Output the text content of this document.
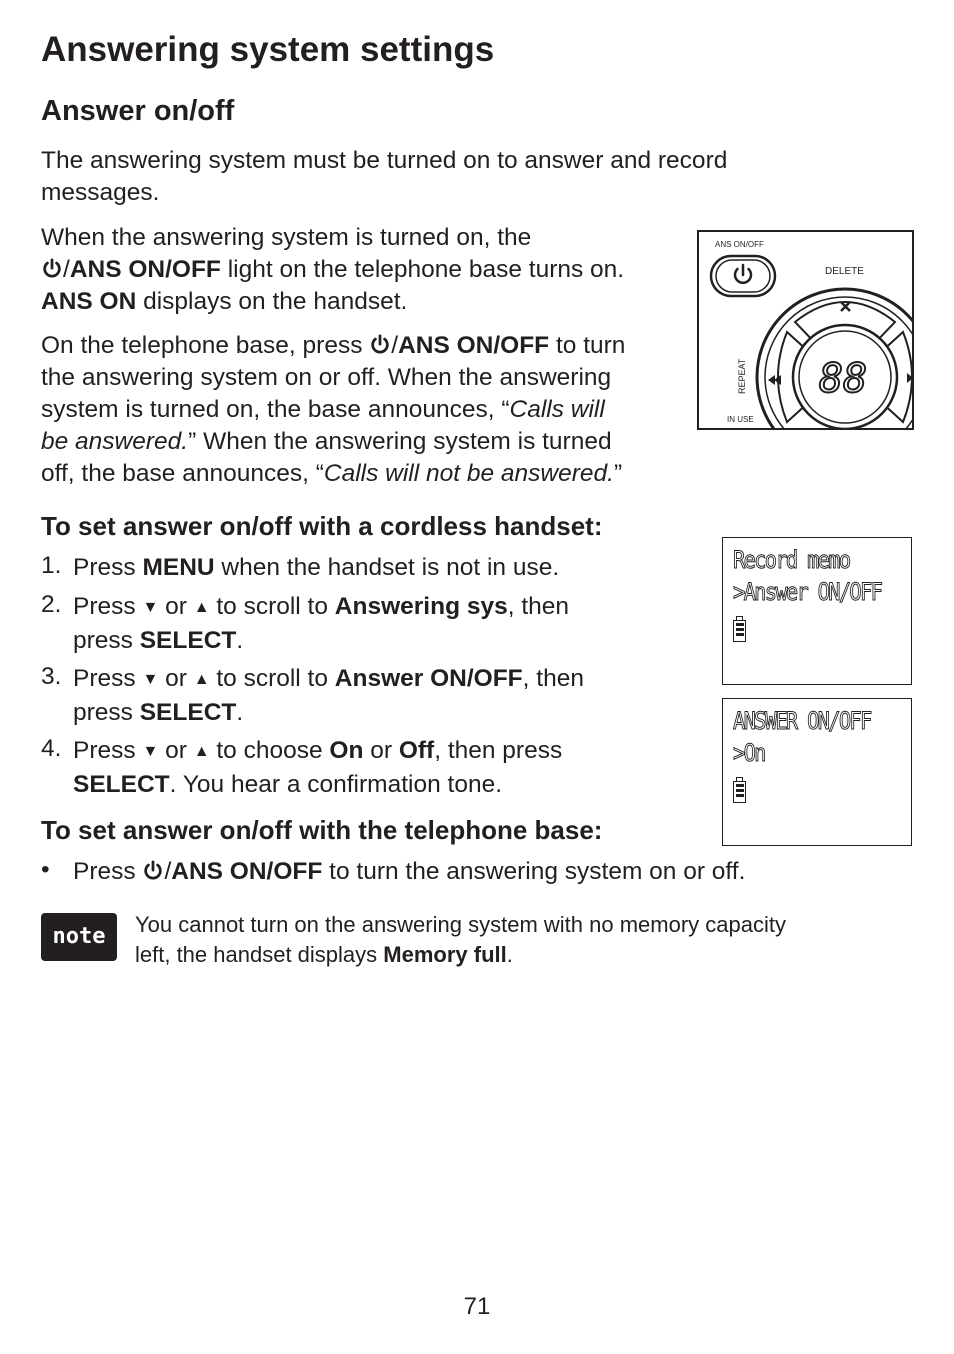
Answering system settings
Answer on/off
The answering system must be turned on to answer and record messages.
When the answering system is turned on, the
/ANS ON/OFF light on the telephone base turns on.
ANS ON displays on the handset.
On the telephone base, press /ANS ON/OFF to turn
the answering system on or off. When the answering
system is turned on, the base announces, “Calls will
be answered.” When the answering system is turned
off, the base announces, “Calls will not be answered.”
ANS ON/OFF
DELETE
88
REPEAT
IN USE
To set answer on/off with a cordless handset:
1. Press MENU when the handset is not in use.
2. Press ▼ or ▲ to scroll to Answering sys, then
press SELECT.
3. Press ▼ or ▲ to scroll to Answer ON/OFF, then
press SELECT.
4. Press ▼ or ▲ to choose On or Off, then press
SELECT. You hear a confirmation tone.
Record memo
>Answer ON/OFF
ANSWER ON/OFF
>On
To set answer on/off with the telephone base:
• Press /ANS ON/OFF to turn the answering system on or off.
note	You cannot turn on the answering system with no memory capacity
left, the handset displays Memory full.
71
